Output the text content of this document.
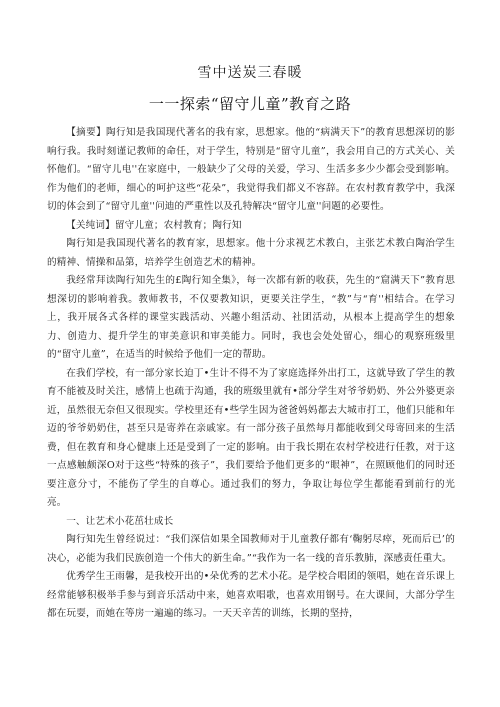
雪中送炭三春暖
一一探索“留守儿童”教育之路

【摘要】陶行知是我国现代著名的我有家，思想家。他的“病满天下”的教育思想深切的影响行我。我时刻谨记教师的命任，对于学生，特别是“留守儿童”，我会用自己的方式关心、关怀他们。“留守儿电''在家庭中，一般缺少了父母的关爱，学习、生活多多少少都会受到影响。作为他们的老师，细心的呵护这些“花朵”，我觉得我们都义不容辞。在农村教育教学中，我深切的体会到了“留守儿童''问迪的严重性以及孔特解决“留守儿童''问题的必要性。

【关纯词】留守儿童；农村教育；陶行知

陶行知是我国现代著名的教育家，思想家。他十分求视艺术教白，主张艺术教白陶治学生的精神、情操和品第，培养学生创造艺术的精神。

我经常拜读陶行知先生的£陶行知全集》，每一次都有新的收获，先生的“窟满天下”教育思想深切的影响着我。教师教书，不仅要教知识，更要关注学生，“教”与“育''相结合。在学习上，我开展各式各样的课堂实践活动、兴趣小组活动、社团活动，从根本上提高学生的想象力、创造力、提升学生的审美意识和审美能力。同时，我也会处处留心，细心的观察班级里的“留守儿童”，在适当的时候给予他们一定的帮助。

在我们学校，有一部分家长迫丁•生计不得不为了家庭选择外出打工，这就导致了学生的教育不能被及时关注，感情上也疏于沟通，我的班级里就有•部分学生对爷爷奶奶、外公外婆更亲近，虽然很无奈但又很现实。学校里还有•些学生因为爸爸妈妈都去大城市打工，他们只能和年迈的爷爷奶奶住，甚至只是寄养在亲戚家。有一部分孩子虽然每月都能收到父母寄回来的生活费，但在教育和身心健康上还是受到了一定的影响。由于我长期在农村学校进行任教，对于这一点感触颇深O对于这些“特殊的孩子”，我们要给予他们更多的“眼神”，在照顾他们的同时还要注意分寸，不能伤了学生的自尊心。通过我们的努力，争取让每位学生都能看到前行的光亮。

一、让艺术小花茁壮成长

陶行知先生曾经说过：“我们深信如果全国教师对于儿童教仔都有‘鞠躬尽瘁，死而后已’的决心，必能为我们民族创造一个伟大的新生命。”“我作为一名一线的音乐教肺，深感责任重大。

优秀学生王雨馨，是我校开出的•朵优秀的艺术小花。是学校合唱团的领唱，她在音乐课上经常能够积极举手参与到音乐活动中来，她喜欢唱歌，也喜欢用钢号。在大课间，大部分学生都在玩耍，而她在等房一遍遍的练习。一天天辛苦的训练，长期的坚持，
